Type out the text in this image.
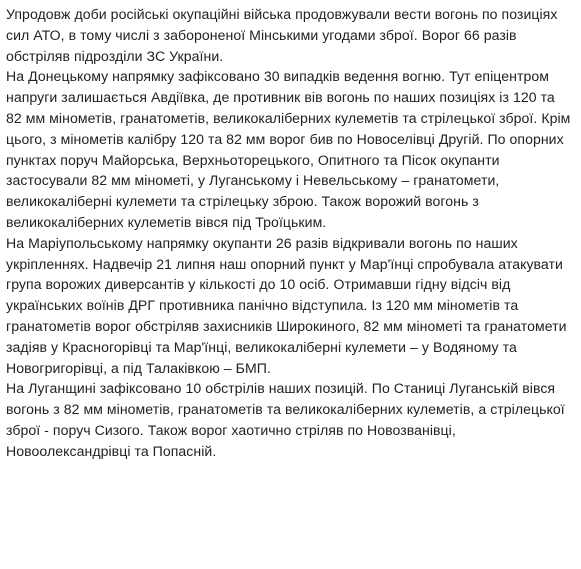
Упродовж доби російські окупаційні війська продовжували вести вогонь по позиціях сил АТО, в тому числі з забороненої Мінськими угодами зброї. Ворог 66 разів обстріляв підрозділи ЗС України.

На Донецькому напрямку зафіксовано 30 випадків ведення вогню. Тут епіцентром напруги залишається Авдіївка, де противник вів вогонь по наших позиціях із 120 та 82 мм мінометів, гранатометів, великокаліберних кулеметів та стрілецької зброї. Крім цього, з мінометів калібру 120 та 82 мм ворог бив по Новоселівці Другій. По опорних пунктах поруч Майорська, Верхньоторецького, Опитного та Пісок окупанти застосували 82 мм мінометі, у Луганському і Невельському – гранатомети, великокаліберні кулемети та стрілецьку зброю. Також ворожий вогонь з великокаліберних кулеметів вівся під Троїцьким.

На Маріупольському напрямку окупанти 26 разів відкривали вогонь по наших укріпленнях. Надвечір 21 липня наш опорний пункт у Мар'їнці спробувала атакувати група ворожих диверсантів у кількості до 10 осіб. Отримавши гідну відсіч від українських воїнів ДРГ противника панічно відступила. Із 120 мм мінометів та гранатометів ворог обстріляв захисників Широкиного, 82 мм мінометі та гранатомети задіяв у Красногорівці та Мар'їнці, великокаліберні кулемети – у Водяному та Новогригорівці, а під Талаківкою – БМП.

На Луганщині зафіксовано 10 обстрілів наших позицій. По Станиці Луганській вівся вогонь з 82 мм мінометів, гранатометів та великокаліберних кулеметів, а стрілецької зброї - поруч Сизого. Також ворог хаотично стріляв по Новозванівці, Новоолександрівці та Попасній.
